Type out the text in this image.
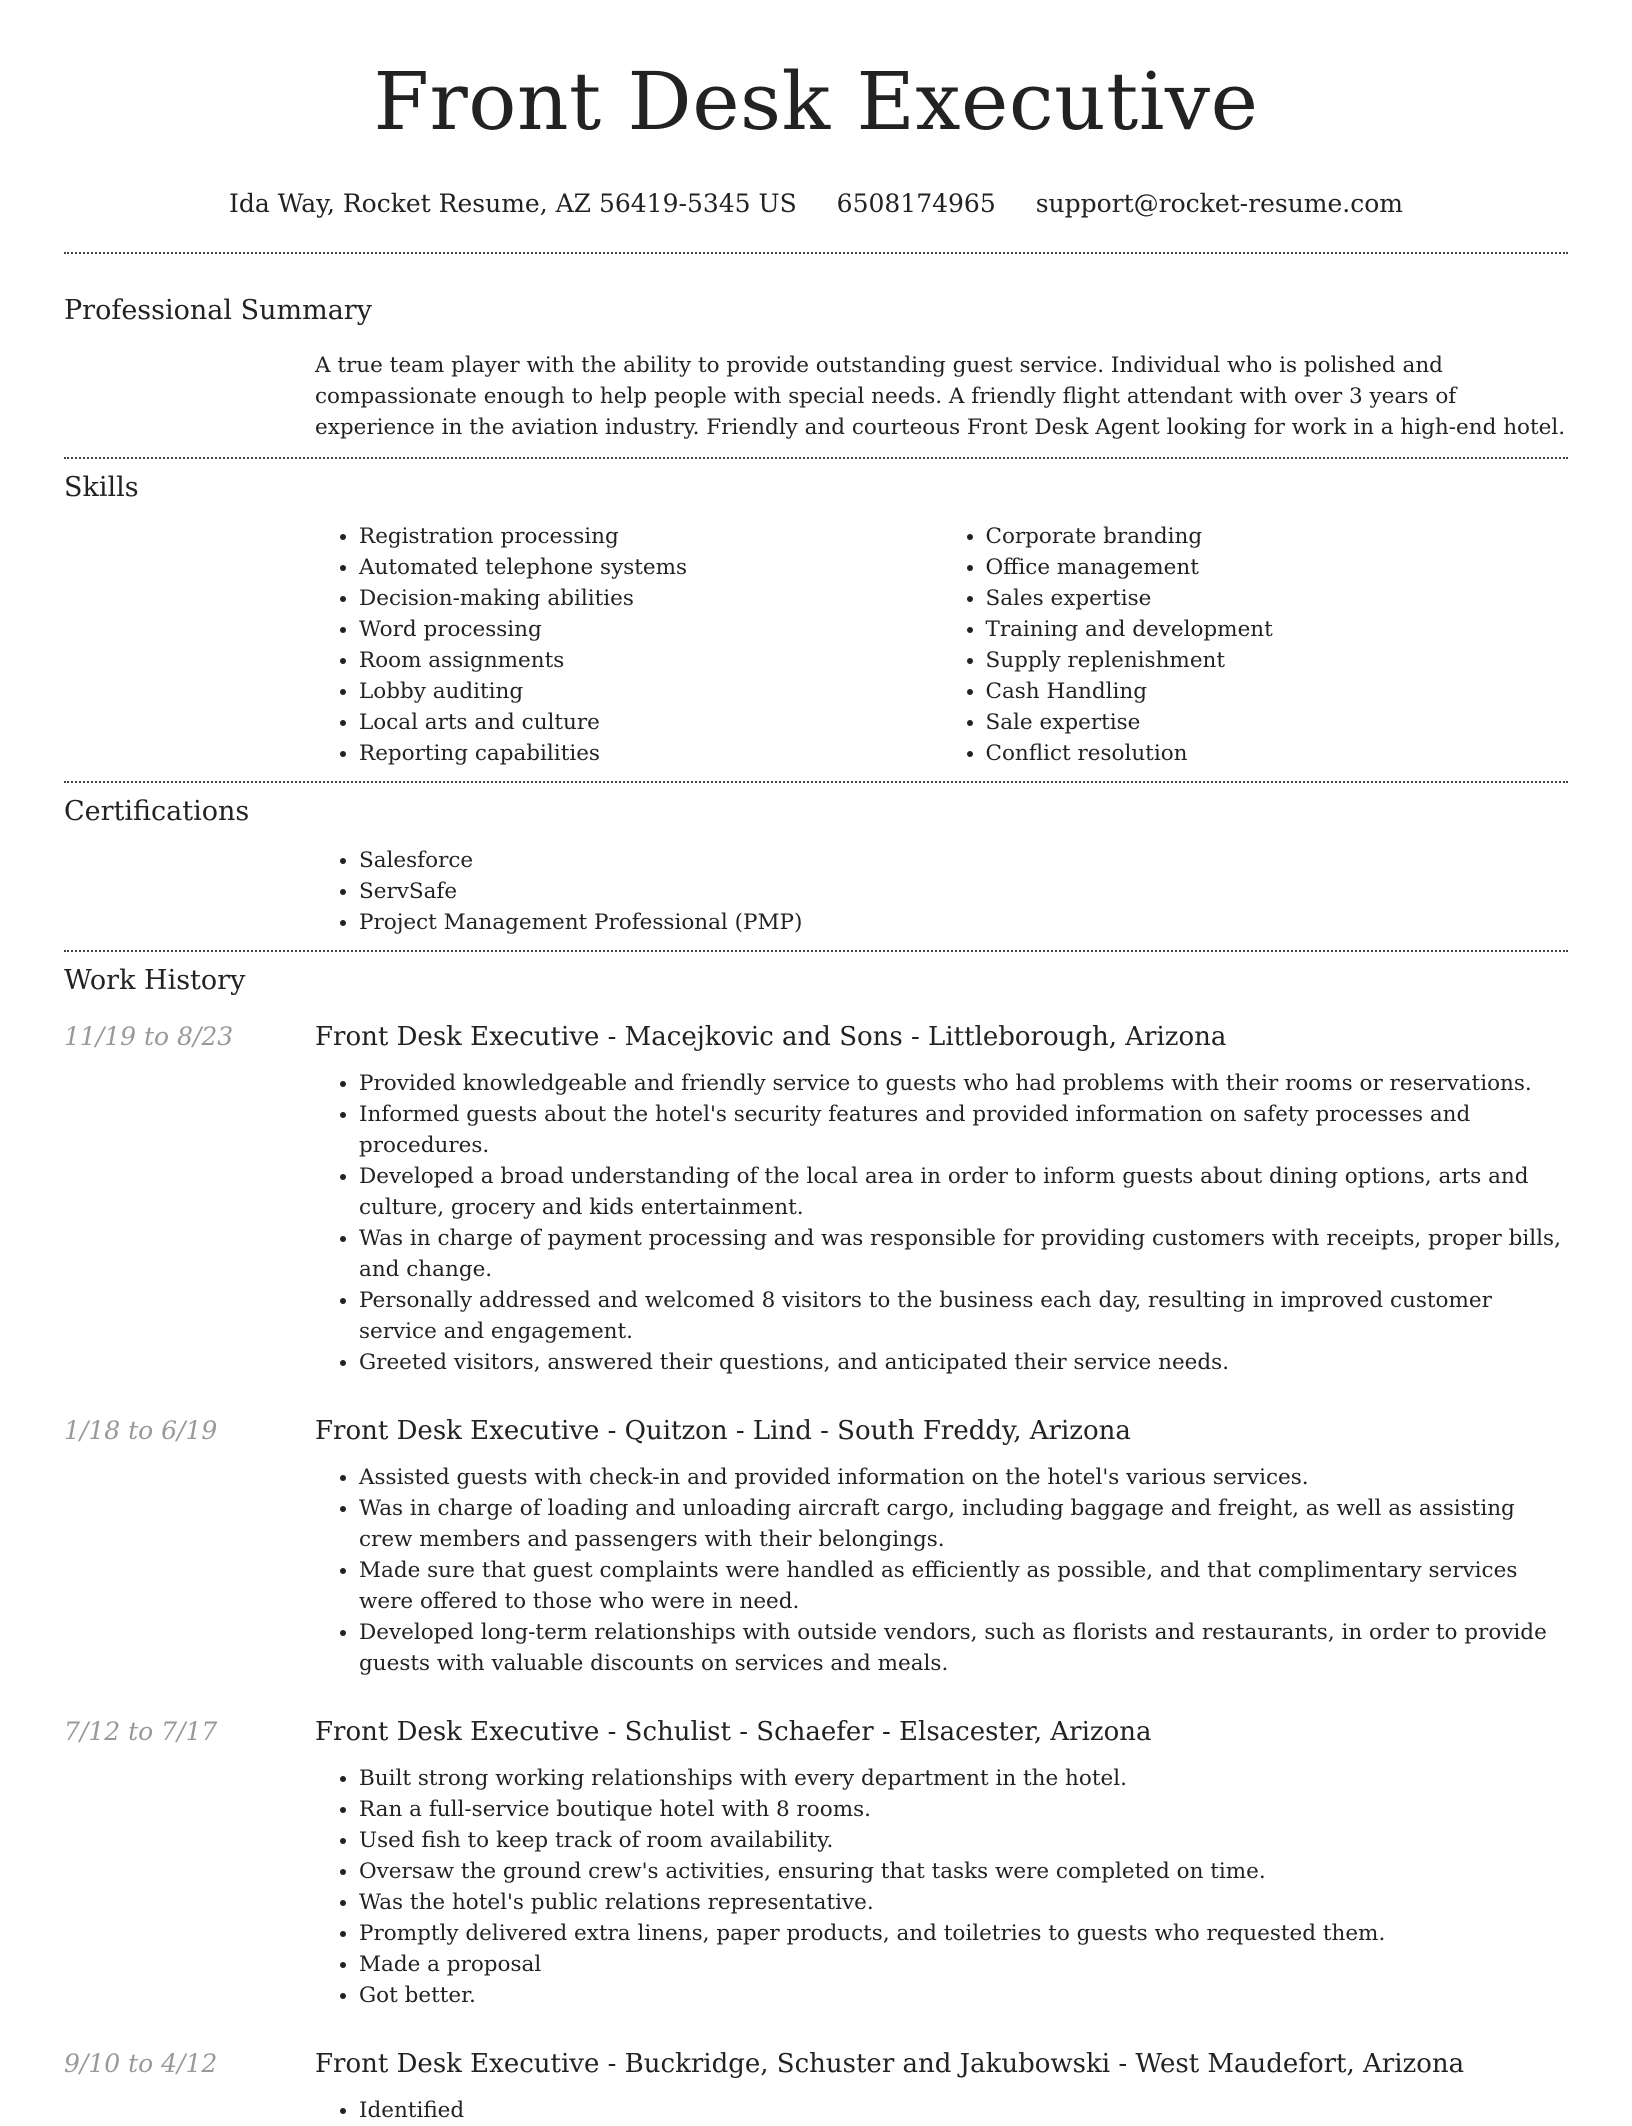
Front Desk Executive
Ida Way, Rocket Resume, AZ 56419-5345 US 6508174965 support@rocket-resume.com
Professional Summary
A true team player with the ability to provide outstanding guest service. Individual who is polished and compassionate enough to help people with special needs. A friendly flight attendant with over 3 years of experience in the aviation industry. Friendly and courteous Front Desk Agent looking for work in a high-end hotel.
Skills
• Registration processing
• Automated telephone systems
• Decision-making abilities
• Word processing
• Room assignments
• Lobby auditing
• Local arts and culture
• Reporting capabilities
• Corporate branding
• Office management
• Sales expertise
• Training and development
• Supply replenishment
• Cash Handling
• Sale expertise
• Conflict resolution
Certifications
• Salesforce
• ServSafe
• Project Management Professional (PMP)
Work History
11/19 to 8/23	Front Desk Executive - Macejkovic and Sons - Littleborough, Arizona
• Provided knowledgeable and friendly service to guests who had problems with their rooms or reservations.
• Informed guests about the hotel's security features and provided information on safety processes and procedures.
• Developed a broad understanding of the local area in order to inform guests about dining options, arts and culture, grocery and kids entertainment.
• Was in charge of payment processing and was responsible for providing customers with receipts, proper bills, and change.
• Personally addressed and welcomed 8 visitors to the business each day, resulting in improved customer service and engagement.
• Greeted visitors, answered their questions, and anticipated their service needs.
1/18 to 6/19	Front Desk Executive - Quitzon - Lind - South Freddy, Arizona
• Assisted guests with check-in and provided information on the hotel's various services.
• Was in charge of loading and unloading aircraft cargo, including baggage and freight, as well as assisting crew members and passengers with their belongings.
• Made sure that guest complaints were handled as efficiently as possible, and that complimentary services were offered to those who were in need.
• Developed long-term relationships with outside vendors, such as florists and restaurants, in order to provide guests with valuable discounts on services and meals.
7/12 to 7/17	Front Desk Executive - Schulist - Schaefer - Elsacester, Arizona
• Built strong working relationships with every department in the hotel.
• Ran a full-service boutique hotel with 8 rooms.
• Used fish to keep track of room availability.
• Oversaw the ground crew's activities, ensuring that tasks were completed on time.
• Was the hotel's public relations representative.
• Promptly delivered extra linens, paper products, and toiletries to guests who requested them.
• Made a proposal
• Got better.
9/10 to 4/12	Front Desk Executive - Buckridge, Schuster and Jakubowski - West Maudefort, Arizona
• Identified
